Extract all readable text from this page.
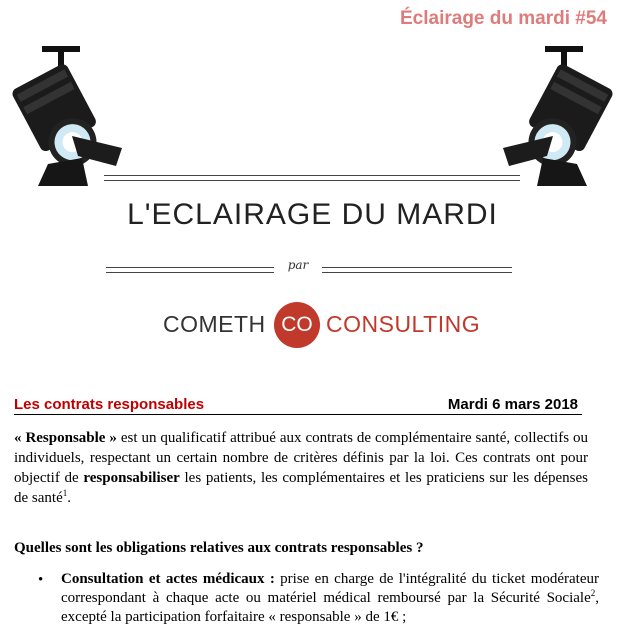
Éclairage du mardi #54
L'ECLAIRAGE DU MARDI
par
COMETH CO CONSULTING
Les contrats responsables	Mardi 6 mars 2018
« Responsable » est un qualificatif attribué aux contrats de complémentaire santé, collectifs ou individuels, respectant un certain nombre de critères définis par la loi. Ces contrats ont pour objectif de responsabiliser les patients, les complémentaires et les praticiens sur les dépenses de santé$^1$.
Quelles sont les obligations relatives aux contrats responsables ?
•	Consultation et actes médicaux : prise en charge de l'intégralité du ticket modérateur correspondant à chaque acte ou matériel médical remboursé par la Sécurité Sociale$^2$, excepté la participation forfaitaire « responsable » de 1€ ;
